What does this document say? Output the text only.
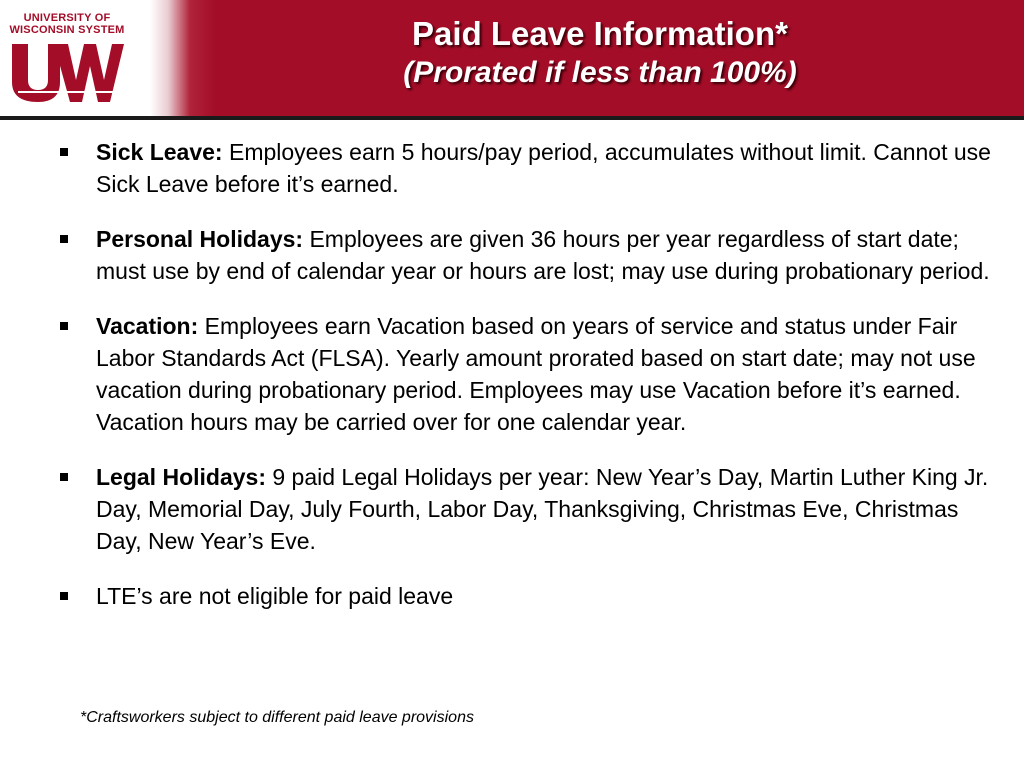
UNIVERSITY OF
WISCONSIN SYSTEM	Paid Leave Information*
(Prorated if less than 100%)
Sick Leave: Employees earn 5 hours/pay period, accumulates without limit. Cannot use Sick Leave before it’s earned.
Personal Holidays: Employees are given 36 hours per year regardless of start date; must use by end of calendar year or hours are lost; may use during probationary period.
Vacation: Employees earn Vacation based on years of service and status under Fair Labor Standards Act (FLSA). Yearly amount prorated based on start date; may not use vacation during probationary period. Employees may use Vacation before it’s earned. Vacation hours may be carried over for one calendar year.
Legal Holidays: 9 paid Legal Holidays per year: New Year’s Day, Martin Luther King Jr. Day, Memorial Day, July Fourth, Labor Day, Thanksgiving, Christmas Eve, Christmas Day, New Year’s Eve.
LTE’s are not eligible for paid leave
*Craftsworkers subject to different paid leave provisions
